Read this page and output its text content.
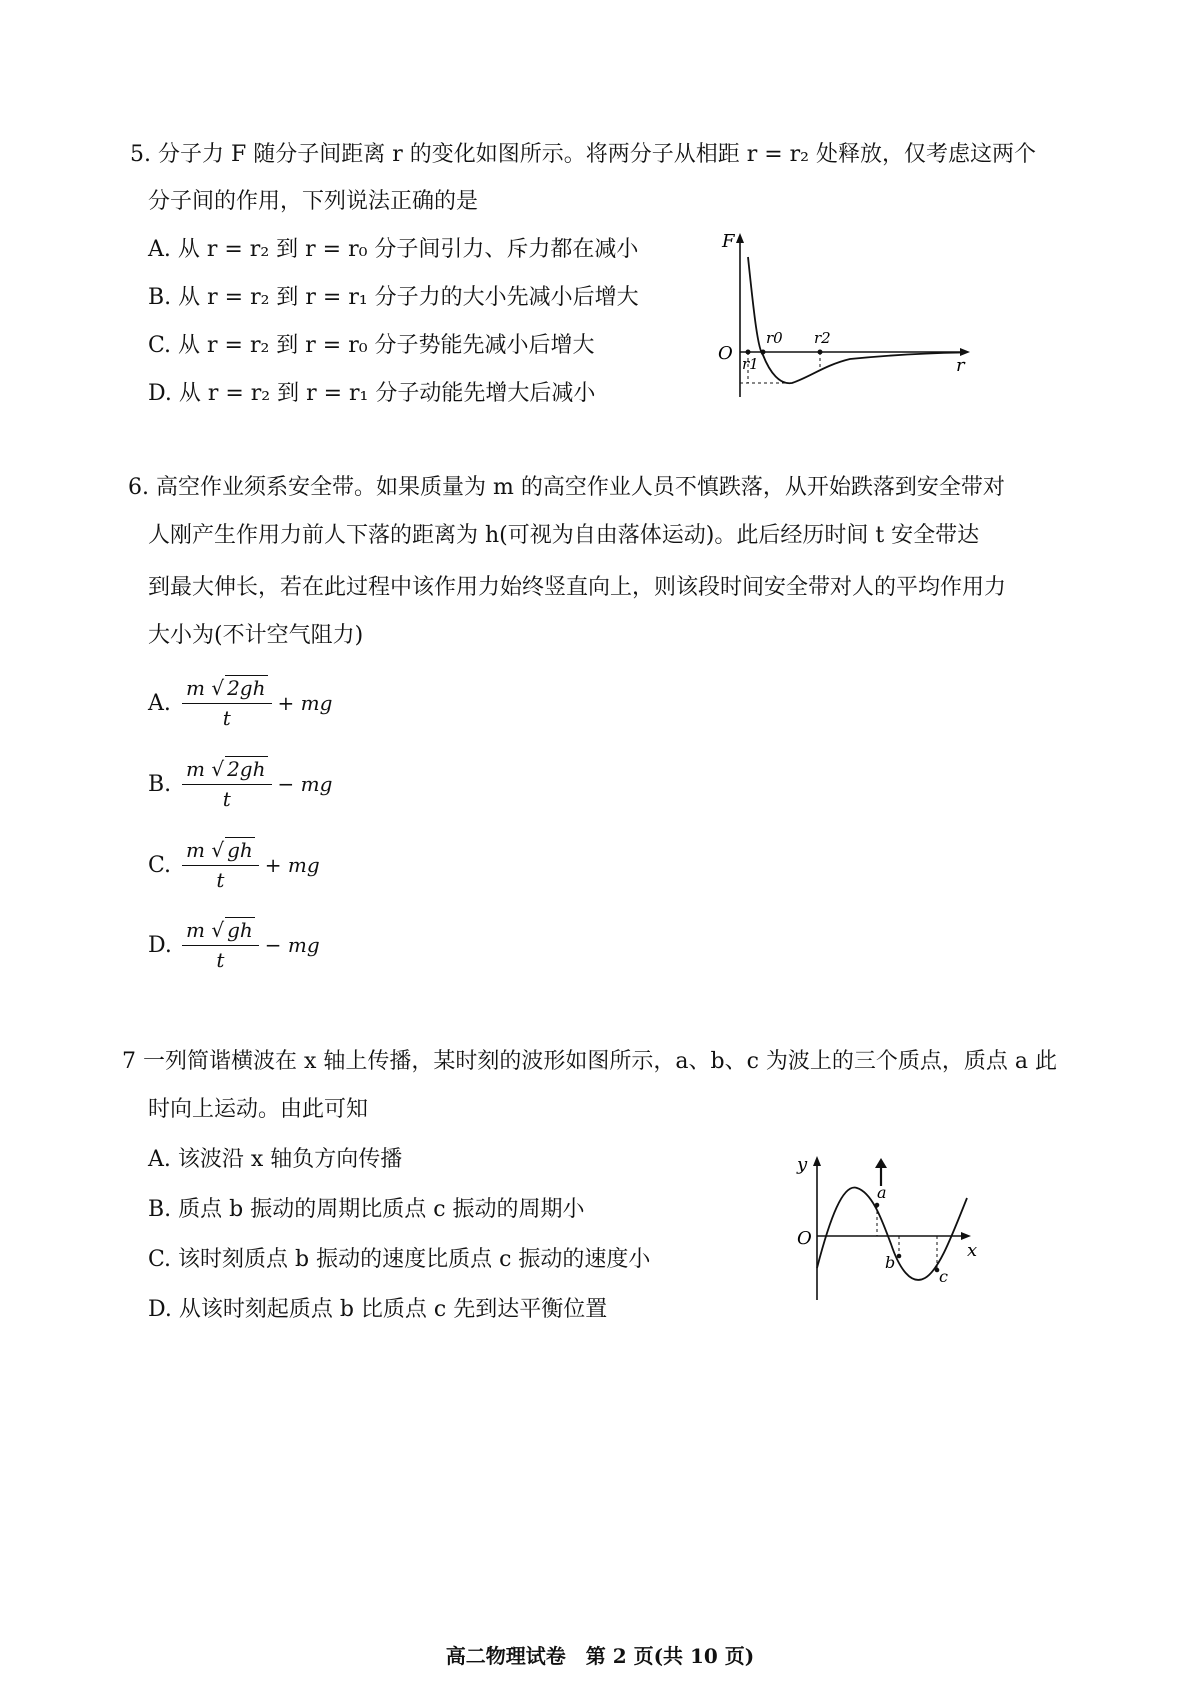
5. 分子力 F 随分子间距离 r 的变化如图所示。将两分子从相距 r = r₂ 处释放，仅考虑这两个
分子间的作用，下列说法正确的是
A. 从 r = r₂ 到 r = r₀ 分子间引力、斥力都在减小
B. 从 r = r₂ 到 r = r₁ 分子力的大小先减小后增大
C. 从 r = r₂ 到 r = r₀ 分子势能先减小后增大
D. 从 r = r₂ 到 r = r₁ 分子动能先增大后减小
F
r
O
r0
r1
r2
6. 高空作业须系安全带。如果质量为 m 的高空作业人员不慎跌落，从开始跌落到安全带对
人刚产生作用力前人下落的距离为 h(可视为自由落体运动)。此后经历时间 t 安全带达
到最大伸长，若在此过程中该作用力始终竖直向上，则该段时间安全带对人的平均作用力
大小为(不计空气阻力)
A. $\frac{m √ 2gh}{t}$ + mg
B. $\frac{m √ 2gh}{t}$ − mg
C. $\frac{m √ gh}{t}$ + mg
D. $\frac{m √ gh}{t}$ − mg
7 一列简谐横波在 x 轴上传播，某时刻的波形如图所示，a、b、c 为波上的三个质点，质点 a 此
时向上运动。由此可知
A. 该波沿 x 轴负方向传播
B. 质点 b 振动的周期比质点 c 振动的周期小
C. 该时刻质点 b 振动的速度比质点 c 振动的速度小
D. 从该时刻起质点 b 比质点 c 先到达平衡位置
y
x
O
a
b
c
高二物理试卷　第 2 页(共 10 页)
